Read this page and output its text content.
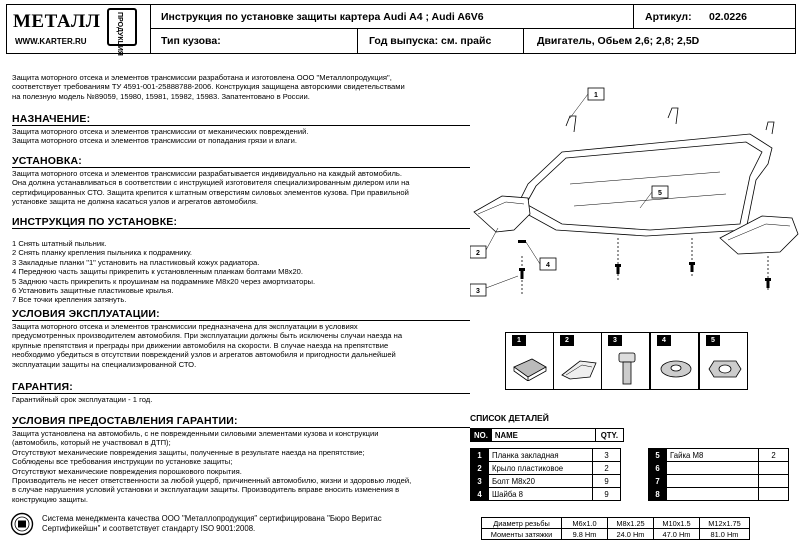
МЕТАЛЛ ПРОДУКЦИЯ
WWW.KARTER.RU
Инструкция по установке защиты картера Audi A4 ; Audi A6V6	Артикул:	02.0226
Тип кузова:	Год выпуска: см. прайс	Двигатель, Обьем 2,6; 2,8; 2,5D
Защита моторного отсека и элементов трансмиссии разработана и изготовлена ООО "Металлопродукция",
соответствует требованиям ТУ 4591-001-25888788-2006. Конструкция защищена авторскими свидетельствами
на полезную модель №89059, 15980, 15981, 15982, 15983. Запатентовано в России.
НАЗНАЧЕНИЕ:
Защита моторного отсека и элементов трансмиссии от механических повреждений.
Защита моторного отсека и элементов трансмиссии от попадания грязи и влаги.
УСТАНОВКА:
Защита моторного отсека и элементов трансмиссии разрабатывается индивидуально на каждый автомобиль.
Она должна устанавливаться в соответствии с инструкцией изготовителя специализированным дилером или на
сертифицированных СТО. Защита крепится к штатным отверстиям силовых элементов кузова. При правильной
установке защита не должна касаться узлов и агрегатов автомобиля.
ИНСТРУКЦИЯ ПО УСТАНОВКЕ:
1 Снять штатный пыльник.
2 Снять планку крепления пыльника к подрамнику.
3 Закладные планки "1" установить на пластиковый кожух радиатора.
4 Переднюю часть защиты прикрепить к установленным планкам болтами М8х20.
5 Заднюю часть прикрепить к проушинам на подрамнике М8х20 через амортизаторы.
6 Установить защитные пластиковые крылья.
7 Все точки крепления затянуть.
УСЛОВИЯ ЭКСПЛУАТАЦИИ:
Защита моторного отсека и элементов трансмиссии предназначена для эксплуатации в условиях
предусмотренных производителем автомобиля. При эксплуатации должны быть исключены случаи наезда на
крупные препятствия и преграды при движении автомобиля на скорости. В случае наезда на препятствие
необходимо убедиться в отсутствии повреждений узлов и агрегатов автомобиля и пригодности дальнейшей
эксплуатации защиты на специализированной СТО.
ГАРАНТИЯ:
Гарантийный срок эксплуатации - 1 год.
УСЛОВИЯ ПРЕДОСТАВЛЕНИЯ ГАРАНТИИ:
Защита установлена на автомобиль, с не поврежденными силовыми элементами кузова и конструкции
(автомобиль, который не участвовал в ДТП);
Отсутствуют механические повреждения защиты, полученные в результате наезда на препятствие;
Соблюдены все требования инструкции по установке защиты;
Отсутствуют механические повреждения порошкового покрытия.
Производитель не несет ответственности за любой ущерб, причиненный автомобилю, жизни и здоровью людей,
в случае нарушения условий установки и эксплуатации защиты. Производитель вправе вносить изменения в
конструкцию защиты.
Система менеджмента качества ООО "Металлопродукция" сертифицирована "Бюро Веритас
Сертификейшн" и соответствует стандарту ISO 9001:2008.
1
2
3
4
5
1	2	3	4	5
СПИСОК ДЕТАЛЕЙ
NO.	NAME	QTY.
1	Планка закладная	3
2	Крыло пластиковое	2
3	Болт М8х20	9
4	Шайба 8	9
5	Гайка М8	2
6		
7		
8		
Диаметр резьбы	М6х1.0	М8х1.25	М10х1.5	М12х1.75
Моменты затяжки	9.8 Hm	24.0 Hm	47.0 Hm	81.0 Hm
